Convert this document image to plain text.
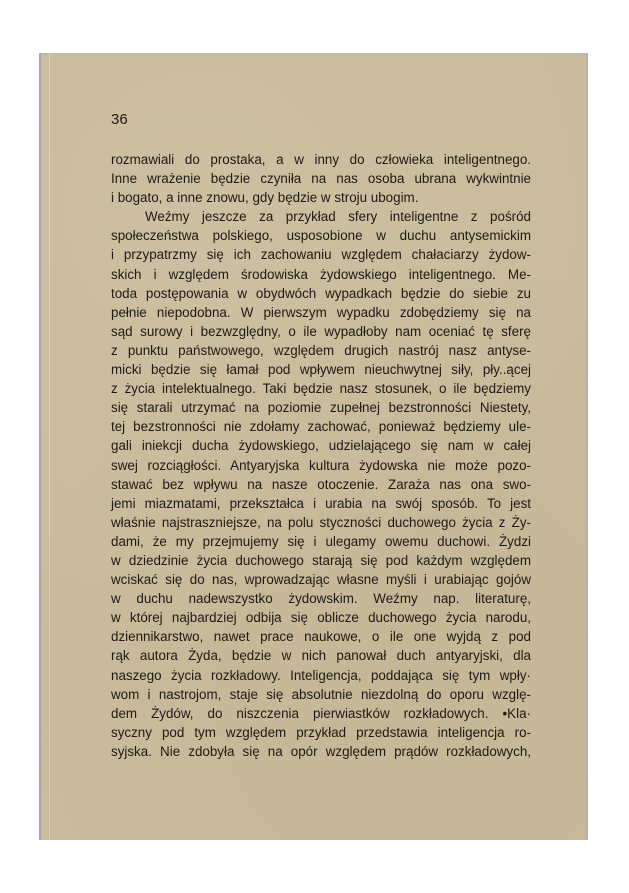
36
rozmawiali do prostaka, a w inny do człowieka inteligentnego.
Inne wrażenie będzie czyniła na nas osoba ubrana wykwintnie
i bogato, a inne znowu, gdy będzie w stroju ubogim.
Weźmy jeszcze za przykład sfery inteligentne z pośród
społeczeństwa polskiego, usposobione w duchu antysemickim
i przypatrzmy się ich zachowaniu względem chałaciarzy żydow-
skich i względem środowiska żydowskiego inteligentnego. Me-
toda postępowania w obydwóch wypadkach będzie do siebie zu
pełnie niepodobna. W pierwszym wypadku zdobędziemy się na
sąd surowy i bezwzględny, o ile wypadłoby nam oceniać tę sferę
z punktu państwowego, względem drugich nastrój nasz antyse-
micki będzie się łamał pod wpływem nieuchwytnej siły, pły..ącej
z życia intelektualnego. Taki będzie nasz stosunek, o ile będziemy
się starali utrzymać na poziomie zupełnej bezstronności Niestety,
tej bezstronności nie zdołamy zachować, ponieważ będziemy ule-
gali iniekcji ducha żydowskiego, udzielającego się nam w całej
swej rozciągłości. Antyaryjska kultura żydowska nie może pozo-
stawać bez wpływu na nasze otoczenie. Zaraża nas ona swo-
jemi miazmatami, przekształca i urabia na swój sposób. To jest
właśnie najstraszniejsze, na polu styczności duchowego życia z Ży-
dami, że my przejmujemy się i ulegamy owemu duchowi. Żydzi
w dziedzinie życia duchowego starają się pod każdym względem
wciskać się do nas, wprowadzając własne myśli i urabiając gojów
w duchu nadewszystko żydowskim. Weźmy nap. literaturę,
w której najbardziej odbija się oblicze duchowego życia narodu,
dziennikarstwo, nawet prace naukowe, o ile one wyjdą z pod
rąk autora Żyda, będzie w nich panował duch antyaryjski, dla
naszego życia rozkładowy. Inteligencja, poddająca się tym wpły·
wom i nastrojom, staje się absolutnie niezdolną do oporu wzglę-
dem Żydów, do niszczenia pierwiastków rozkładowych. •Kla·
syczny pod tym względem przykład przedstawia inteligencja ro-
syjska. Nie zdobyła się na opór względem prądów rozkładowych,
